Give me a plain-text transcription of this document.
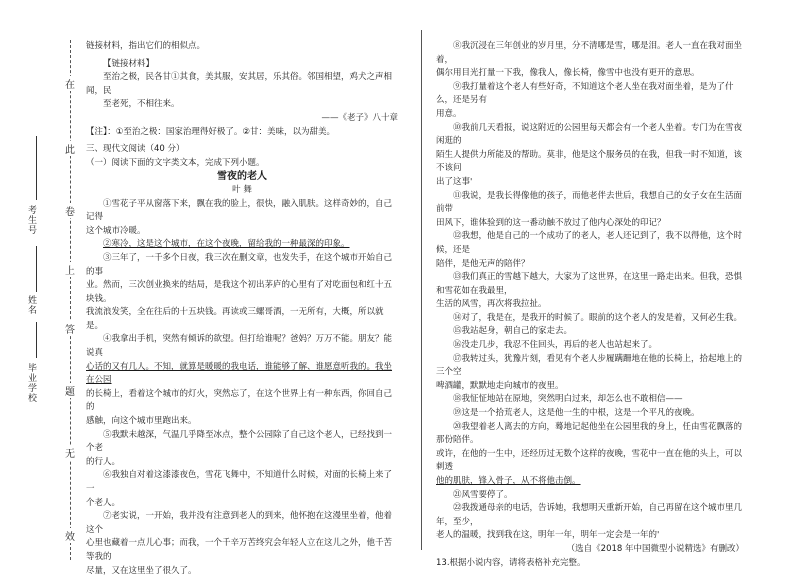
在
此
卷
上
答
题
无
效
考生号
姓名
毕业学校

链接材料，指出它们的相似点。

【链接材料】

至治之极，民各甘①其食，美其服，安其居，乐其俗。邻国相望，鸡犬之声相闻，民

至老死，不相往来。

——《老子》八十章

【注】：①至治之极：国家治理得好极了。②甘：美味，以为甜美。

三、现代文阅读（40 分）

（一）阅读下面的文字类文本，完成下列小题。

雪夜的老人

叶 舞

①雪花子平从窗落下来，飘在我的脸上，很快，融入肌肤。这样奇妙的，自己记得

这个城市冷暖。

②寒冷，这是这个城市，在这个夜晚，留给我的一种最深的印象。

③三年了，一千多个日夜，我三次在删文章，也发失手，在这个城市开始自己的事

业。然而，三次创业换来的结局，是我这个初出茅庐的心里有了对吃面包和红十五块钱。

我流浪发笑，全在往后的十五块钱。再读或三螺哥酒，一无所有，大概，所以就是。

④我拿出手机，突然有倾诉的欲望。但打给谁呢？爸妈？万万不能。朋友？能说真

心话的又有几人。不知，就算是暖暖的我电话，谁能够了解、谁愿意听我的。我坐在公园

的长椅上，看着这个城市的灯火，突然忘了，在这个世界上有一种东西，你回自己的

感触，向这个城市里跑出来。

⑤我默未越深，气温几乎降至冰点，整个公园除了自己这个老人，已经找到一个老

的行人。

⑥我独自对着这漆漆夜色，雪花飞舞中，不知道什么时候，对面的长椅上来了一

个老人。

⑦老实说，一开始，我并没有注意到老人的到来，他怀抱在这漫里坐着，他着这个

心里也藏着一点儿心事；而我，一个千辛万苦终究会年轻人立在这儿之外，他千苦等我的

尽量，又在这里坐了很久了。

⑧我沉浸在三年创业的岁月里，分不清哪是雪，哪是泪。老人一直在我对面坐着，

偶尔用目光打量一下我，像我人，像长椅，像雪中也没有更开的意思。

⑨我打量着这个老人有些好奇，不知道这个老人坐在我对面坐着，是为了什么，还是另有

用意。

⑩我前几天看报，说这附近的公园里每天都会有一个老人坐着。专门为在雪夜闲逛的

陌生人提供力所能及的帮助。莫非，他是这个服务员的在我，但我一时不知道，该不该问

出了这事'

⑪我说，是我长得像他的孩子，而他老伴去世后，我想自己的女子女在生活面前带

田风下，谁体验到的这一番动触不放过了他内心深处的印记？

⑫我想，他是自己的一个成功了的老人，老人还记到了，我不以得他，这个时候，还是

陪伴，是他无声的陪伴？

⑬我们真正的雪越下越大，大家为了这世界，在这里一路走出来。但我，恐惧和雪花如在我最里，

生活的风雪，再次将我拉扯。

⑭对了，我是在，是我开的时候了。眼前的这个老人的发是着，又何必生我。

⑮我站起身，朝自己的家走去。

⑯没走几步，我忍不住回头，再后的老人也站起来了。

⑰我转过头，犹豫片刻，看见有个老人步履蹒跚地在他的长椅上，拾起地上的三个空

啤酒罐，默默地走向城市的夜里。

⑱我怔怔地站在原地，突然明白过来，却怎么也不敢相信——

⑲这是一个拾荒老人，这是他一生的中根，这是一个平凡的夜晚。

⑳我望着老人离去的方向，蓦地记起他坐在公园里我的身上，任由雪花飘落的那份陪伴。

或许，在他的一生中，还经历过无数个这样的夜晚，雪花中一直在他的头上，可以刺透

他的肌肤，锋入骨子，从不将他击倒。

㉑风雪要停了。

㉒我拨通母亲的电话，告诉她，我想明天重新开始，自己再留在这个城市里几年，至少，

老人的温暖，找到我在这，明年一年，明年一定会是一年的'

（选自《2018 年中国微型小说精选》有删改）

13.根据小说内容，请将表格补充完整。
